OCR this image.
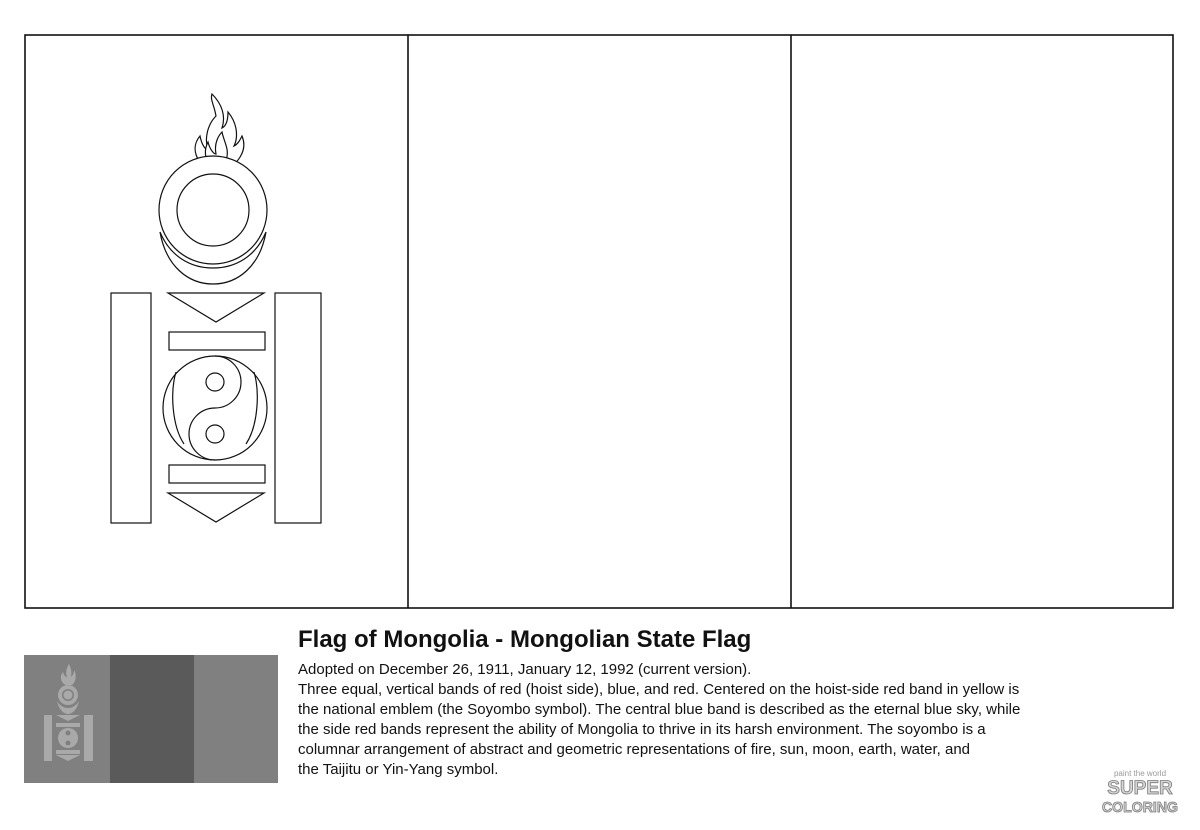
Flag of Mongolia - Mongolian State Flag

Adopted on December 26, 1911, January 12, 1992 (current version).

Three equal, vertical bands of red (hoist side), blue, and red. Centered on the hoist-side red band in yellow is
the national emblem (the Soyombo symbol). The central blue band is described as the eternal blue sky, while
the side red bands represent the ability of Mongolia to thrive in its harsh environment. The soyombo is a
columnar arrangement of abstract and geometric representations of fire, sun, moon, earth, water, and
the Taijitu or Yin-Yang symbol.	paint the world
SUPER
COLORING
